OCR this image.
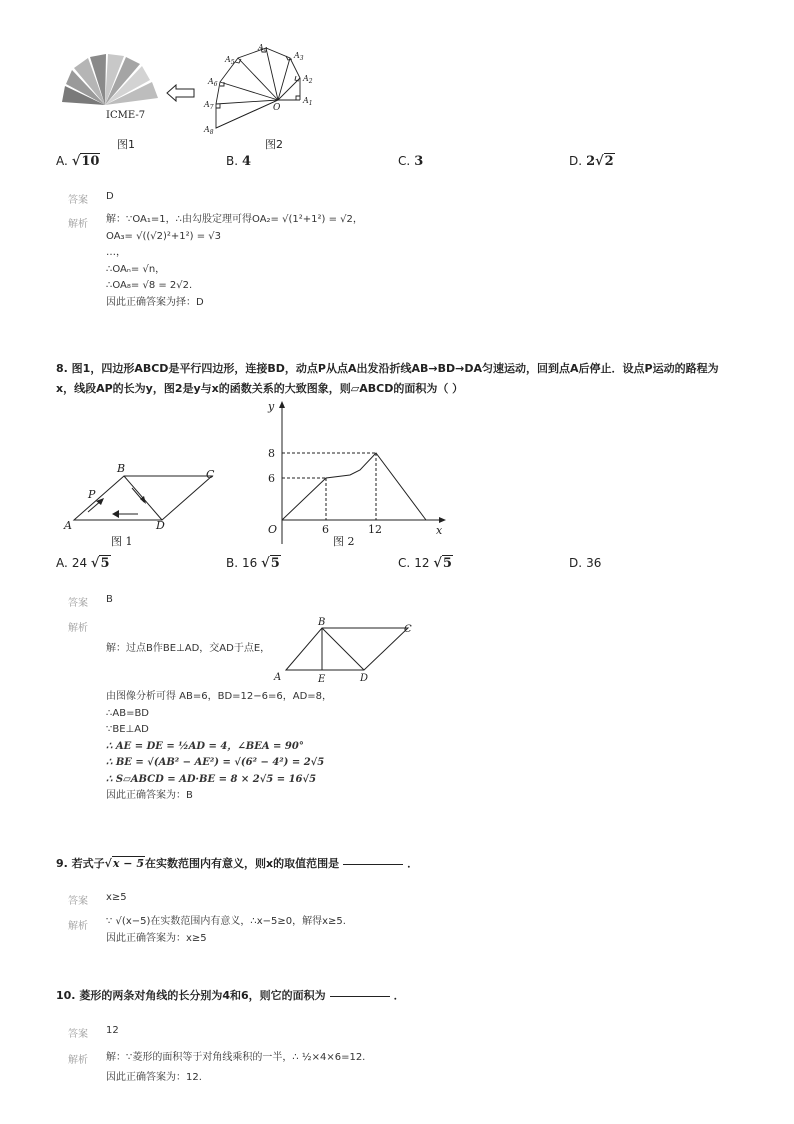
ICME-7
图1
$A_1$
$A_2$
$A_3$
$A_4$
$A_5$
$A_6$
$A_7$
$A_8$
O
图2
A. √10	B. 4	C. 3	D. 2√2
答案 D
解析 解：∵OA₁=1，∴由勾股定理可得OA₂= √(1²+1²) = √2，
OA₃= √((√2)²+1²) = √3
…，
∴OAₙ= √n，
∴OA₈= √8 = 2√2.
因此正确答案为择：D
8. 图1，四边形ABCD是平行四边形，连接BD，动点P从点A出发沿折线AB→BD→DA匀速运动，回到点A后停止．设点P运动的路程为
x，线段AP的长为y，图2是y与x的函数关系的大致图象，则▱ABCD的面积为（ ）
A
B	C
D
P
图 1
y
x
O
8
6
6	12
图 2
A. 24 √5	B. 16 √5	C. 12 √5	D. 36
答案 B
解析
解：过点B作BE⊥AD，交AD于点E，
A
B
C
D
E
由图像分析可得 AB=6，BD=12−6=6，AD=8，
∴AB=BD
∵BE⊥AD
∴ AE = DE = ½AD = 4，∠BEA = 90°
∴ BE = √(AB² − AE²) = √(6² − 4²) = 2√5
∴ S▱ABCD = AD·BE = 8 × 2√5 = 16√5
因此正确答案为：B
9. 若式子 √x − 5 在实数范围内有意义，则x的取值范围是	．
答案 x≥5
解析 ∵ √(x−5)在实数范围内有意义，∴x−5≥0，解得x≥5.
因此正确答案为：x≥5
10. 菱形的两条对角线的长分别为4和6，则它的面积为	．
答案 12
解析 解：∵菱形的面积等于对角线乘积的一半，∴ ½×4×6=12.
因此正确答案为：12.
